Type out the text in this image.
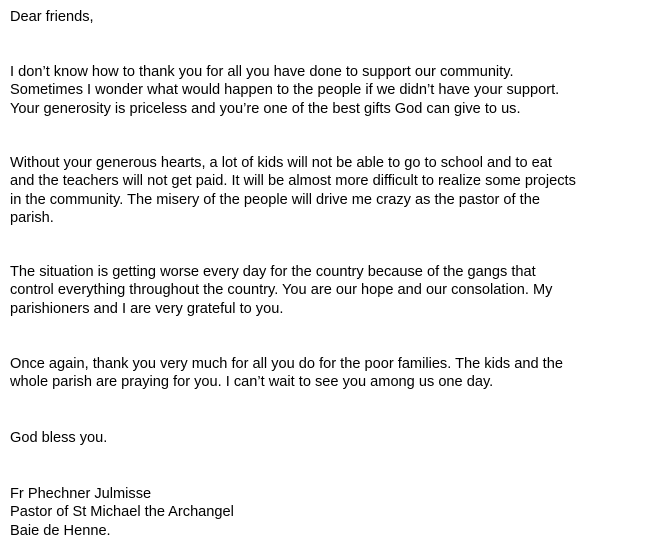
Dear friends,
I don’t know how to thank you for all you have done to support our community.
Sometimes I wonder what would happen to the people if we didn’t have your support.
Your generosity is priceless and you’re one of the best gifts God can give to us.
Without your generous hearts, a lot of kids will not be able to go to school and to eat
and the teachers will not get paid. It will be almost more difficult to realize some projects
in the community. The misery of the people will drive me crazy as the pastor of the
parish.
The situation is getting worse every day for the country because of the gangs that
control everything throughout the country. You are our hope and our consolation. My
parishioners and I are very grateful to you.
Once again, thank you very much for all you do for the poor families. The kids and the
whole parish are praying for you. I can’t wait to see you among us one day.
God bless you.
Fr Phechner Julmisse
Pastor of St Michael the Archangel
Baie de Henne.
